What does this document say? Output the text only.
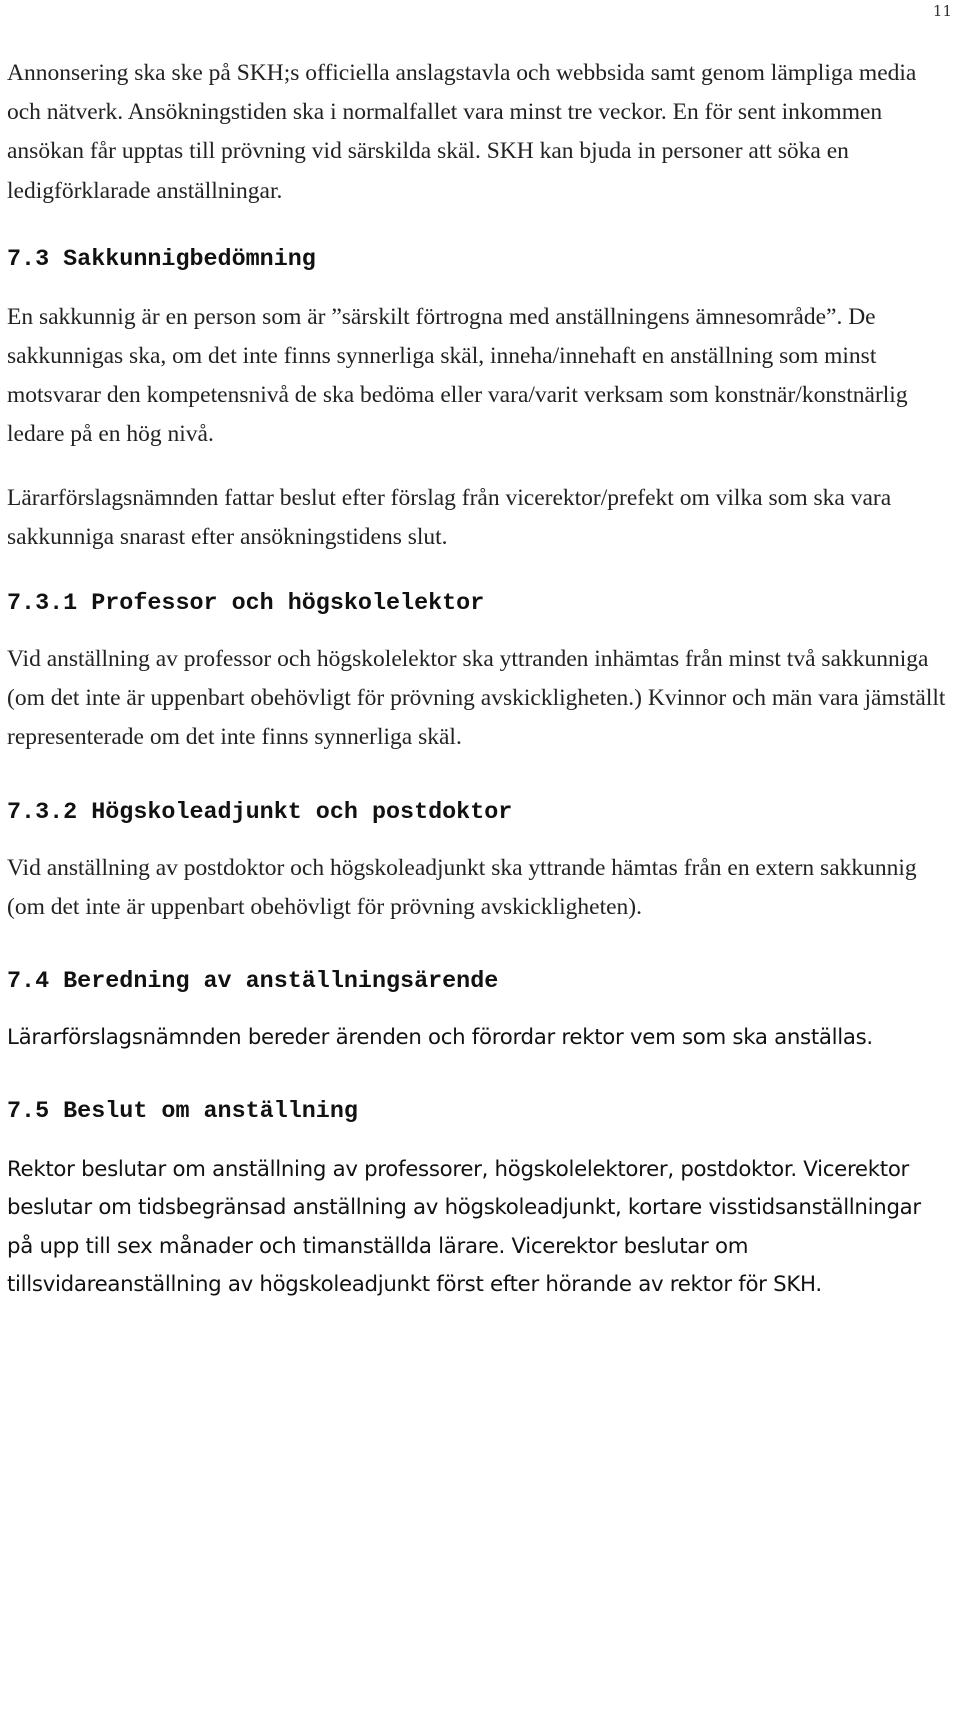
11

Annonsering ska ske på SKH;s officiella anslagstavla och webbsida samt genom lämpliga media och nätverk. Ansökningstiden ska i normalfallet vara minst tre veckor. En för sent inkommen ansökan får upptas till prövning vid särskilda skäl. SKH kan bjuda in personer att söka en ledigförklarade anställningar.

7.3 Sakkunnigbedömning

En sakkunnig är en person som är ”särskilt förtrogna med anställningens ämnesområde”. De sakkunnigas ska, om det inte finns synnerliga skäl, inneha/innehaft en anställning som minst motsvarar den kompetensnivå de ska bedöma eller vara/varit verksam som konstnär/konstnärlig ledare på en hög nivå.

Lärarförslagsnämnden fattar beslut efter förslag från vicerektor/prefekt om vilka som ska vara sakkunniga snarast efter ansökningstidens slut.

7.3.1 Professor och högskolelektor

Vid anställning av professor och högskolelektor ska yttranden inhämtas från minst två sakkunniga (om det inte är uppenbart obehövligt för prövning avskickligheten.) Kvinnor och män vara jämställt representerade om det inte finns synnerliga skäl.

7.3.2 Högskoleadjunkt och postdoktor

Vid anställning av postdoktor och högskoleadjunkt ska yttrande hämtas från en extern sakkunnig (om det inte är uppenbart obehövligt för prövning avskickligheten).

7.4 Beredning av anställningsärende

Lärarförslagsnämnden bereder ärenden och förordar rektor vem som ska anställas.

7.5 Beslut om anställning

Rektor beslutar om anställning av professorer, högskolelektorer, postdoktor. Vicerektor beslutar om tidsbegränsad anställning av högskoleadjunkt, kortare visstidsanställningar på upp till sex månader och timanställda lärare. Vicerektor beslutar om tillsvidareanställning av högskoleadjunkt först efter hörande av rektor för SKH.
